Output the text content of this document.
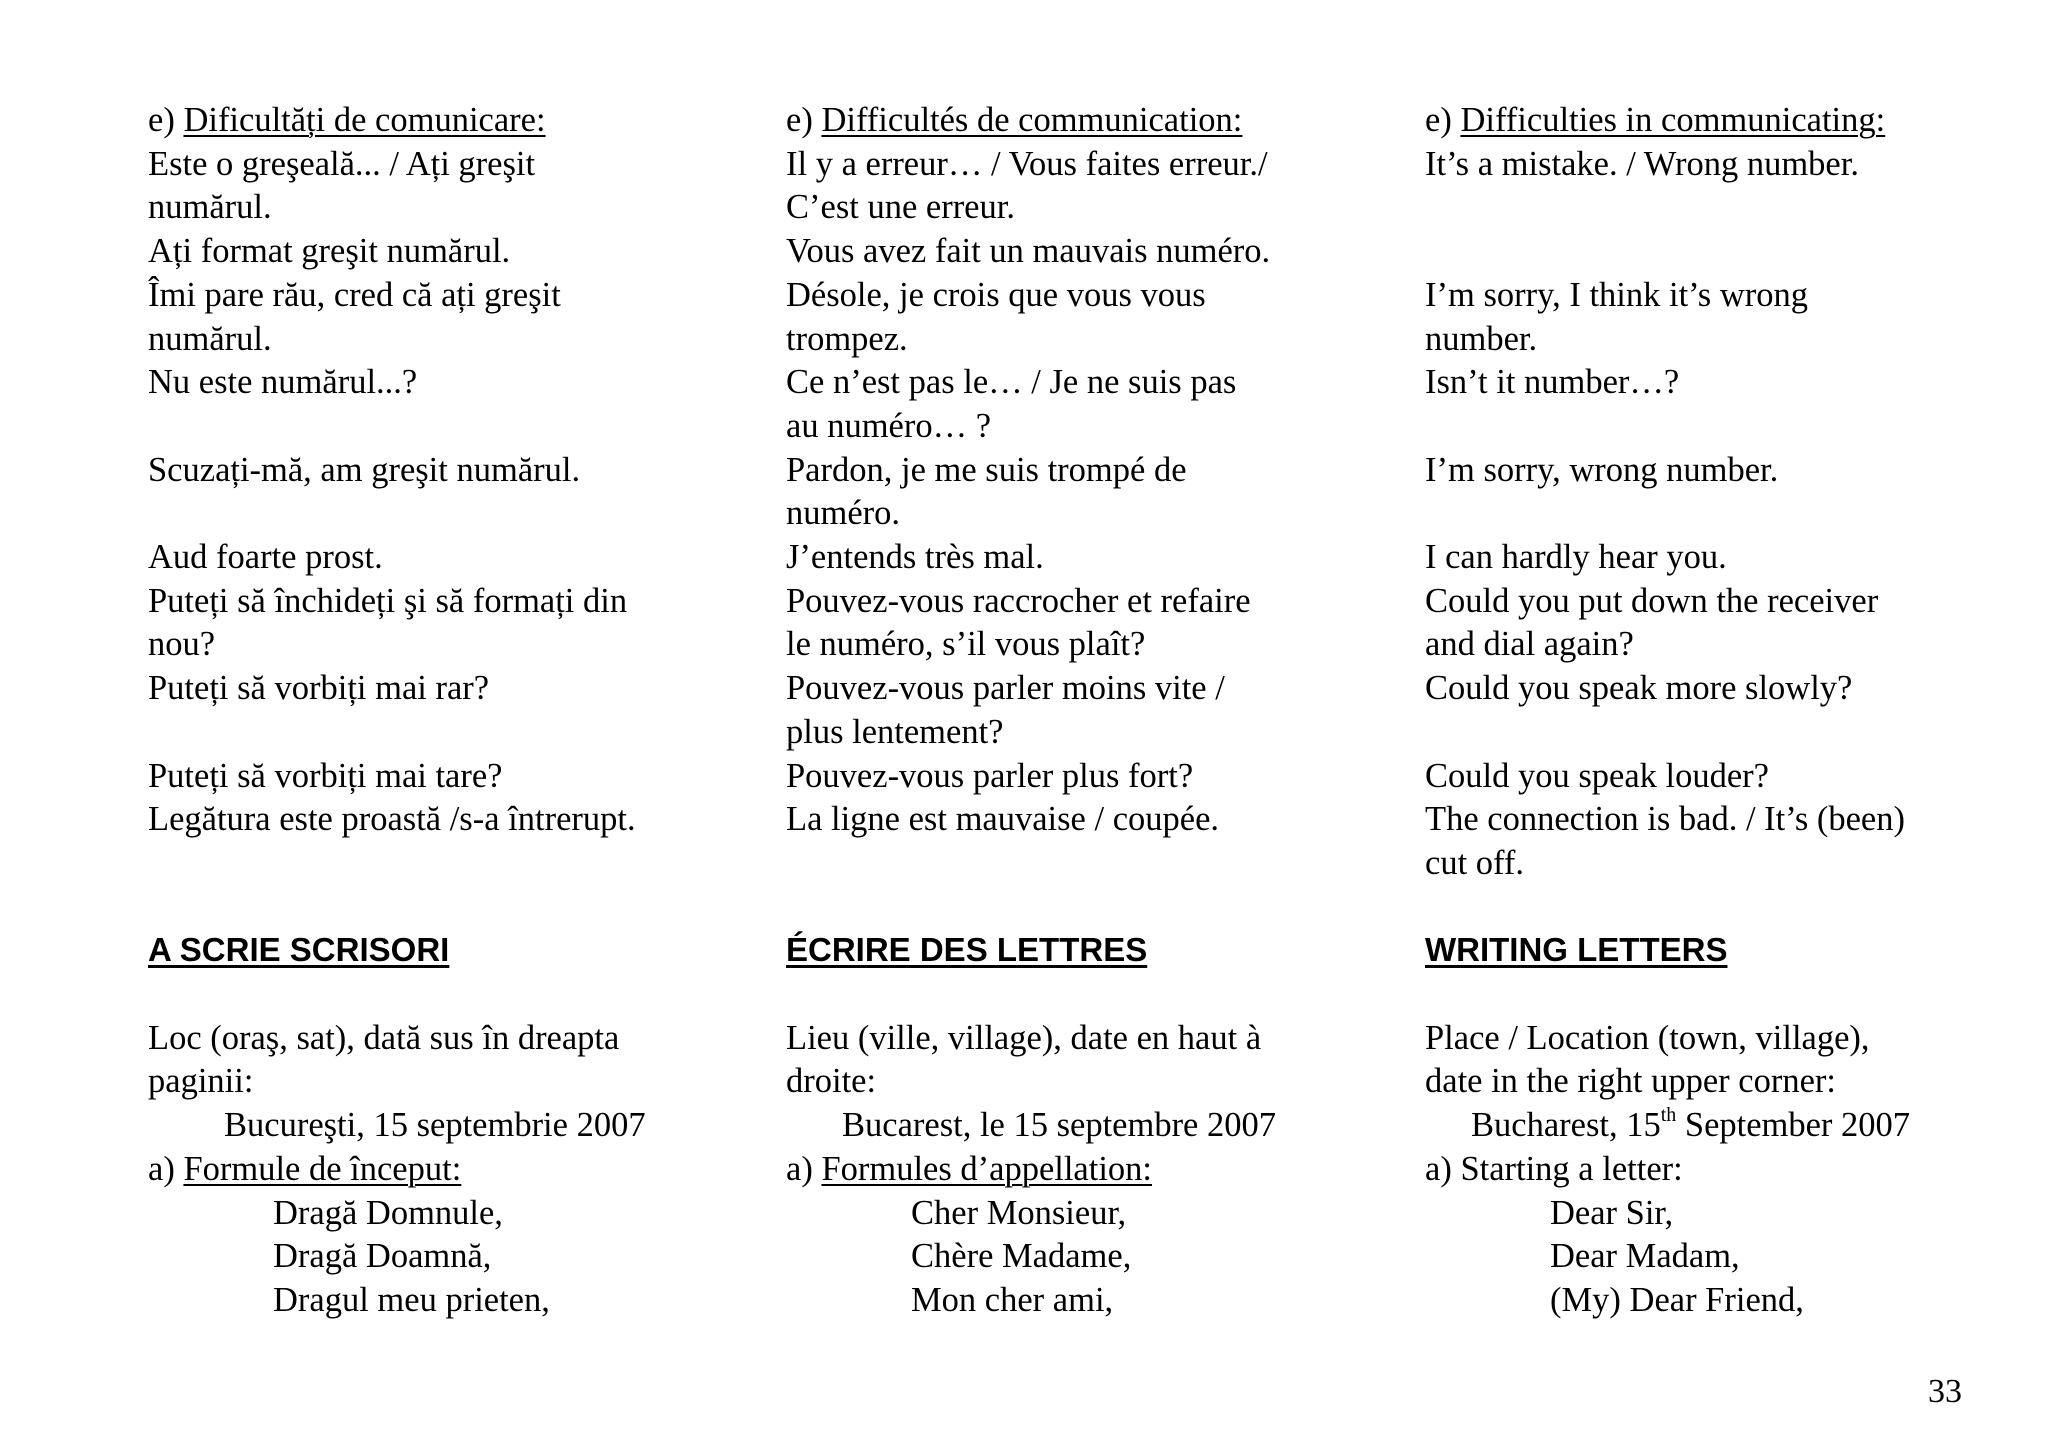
e) Dificultăți de comunicare:
Este o greşeală... / Ați greşit
numărul.
Ați format greşit numărul.
Îmi pare rău, cred că ați greşit
numărul.
Nu este numărul...?
Scuzați-mă, am greşit numărul.
Aud foarte prost.
Puteți să închideți şi să formați din
nou?
Puteți să vorbiți mai rar?
Puteți să vorbiți mai tare?
Legătura este proastă /s-a întrerupt.
A SCRIE SCRISORI
Loc (oraş, sat), dată sus în dreapta
paginii:
Bucureşti, 15 septembrie 2007
a) Formule de început:
Dragă Domnule,
Dragă Doamnă,
Dragul meu prieten,
e) Difficultés de communication:
Il y a erreur… / Vous faites erreur./
C’est une erreur.
Vous avez fait un mauvais numéro.
Désole, je crois que vous vous
trompez.
Ce n’est pas le… / Je ne suis pas
au numéro… ?
Pardon, je me suis trompé de
numéro.
J’entends très mal.
Pouvez-vous raccrocher et refaire
le numéro, s’il vous plaît?
Pouvez-vous parler moins vite /
plus lentement?
Pouvez-vous parler plus fort?
La ligne est mauvaise / coupée.
ÉCRIRE DES LETTRES
Lieu (ville, village), date en haut à
droite:
Bucarest, le 15 septembre 2007
a) Formules d’appellation:
Cher Monsieur,
Chère Madame,
Mon cher ami,
e) Difficulties in communicating:
It’s a mistake. / Wrong number.
I’m sorry, I think it’s wrong
number.
Isn’t it number…?
I’m sorry, wrong number.
I can hardly hear you.
Could you put down the receiver
and dial again?
Could you speak more slowly?
Could you speak louder?
The connection is bad. / It’s (been)
cut off.
WRITING LETTERS
Place / Location (town, village),
date in the right upper corner:
Bucharest, 15th September 2007
a) Starting a letter:
Dear Sir,
Dear Madam,
(My) Dear Friend,
33
